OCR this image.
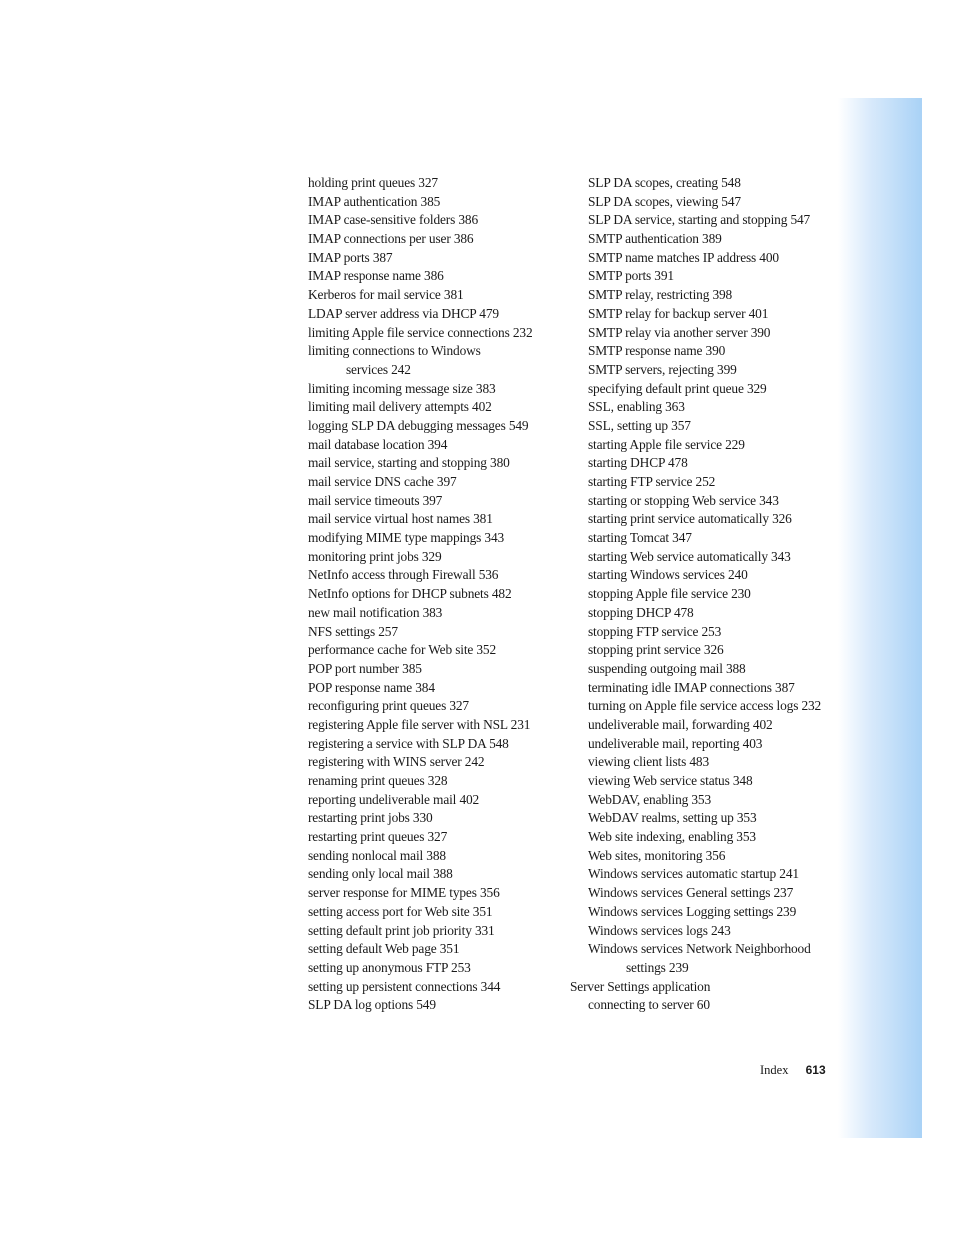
holding print queues 327
IMAP authentication 385
IMAP case-sensitive folders 386
IMAP connections per user 386
IMAP ports 387
IMAP response name 386
Kerberos for mail service 381
LDAP server address via DHCP 479
limiting Apple file service connections 232
limiting connections to Windows
services 242
limiting incoming message size 383
limiting mail delivery attempts 402
logging SLP DA debugging messages 549
mail database location 394
mail service, starting and stopping 380
mail service DNS cache 397
mail service timeouts 397
mail service virtual host names 381
modifying MIME type mappings 343
monitoring print jobs 329
NetInfo access through Firewall 536
NetInfo options for DHCP subnets 482
new mail notification 383
NFS settings 257
performance cache for Web site 352
POP port number 385
POP response name 384
reconfiguring print queues 327
registering Apple file server with NSL 231
registering a service with SLP DA 548
registering with WINS server 242
renaming print queues 328
reporting undeliverable mail 402
restarting print jobs 330
restarting print queues 327
sending nonlocal mail 388
sending only local mail 388
server response for MIME types 356
setting access port for Web site 351
setting default print job priority 331
setting default Web page 351
setting up anonymous FTP 253
setting up persistent connections 344
SLP DA log options 549
SLP DA scopes, creating 548
SLP DA scopes, viewing 547
SLP DA service, starting and stopping 547
SMTP authentication 389
SMTP name matches IP address 400
SMTP ports 391
SMTP relay, restricting 398
SMTP relay for backup server 401
SMTP relay via another server 390
SMTP response name 390
SMTP servers, rejecting 399
specifying default print queue 329
SSL, enabling 363
SSL, setting up 357
starting Apple file service 229
starting DHCP 478
starting FTP service 252
starting or stopping Web service 343
starting print service automatically 326
starting Tomcat 347
starting Web service automatically 343
starting Windows services 240
stopping Apple file service 230
stopping DHCP 478
stopping FTP service 253
stopping print service 326
suspending outgoing mail 388
terminating idle IMAP connections 387
turning on Apple file service access logs 232
undeliverable mail, forwarding 402
undeliverable mail, reporting 403
viewing client lists 483
viewing Web service status 348
WebDAV, enabling 353
WebDAV realms, setting up 353
Web site indexing, enabling 353
Web sites, monitoring 356
Windows services automatic startup 241
Windows services General settings 237
Windows services Logging settings 239
Windows services logs 243
Windows services Network Neighborhood
settings 239
Server Settings application
connecting to server 60
Index 613
